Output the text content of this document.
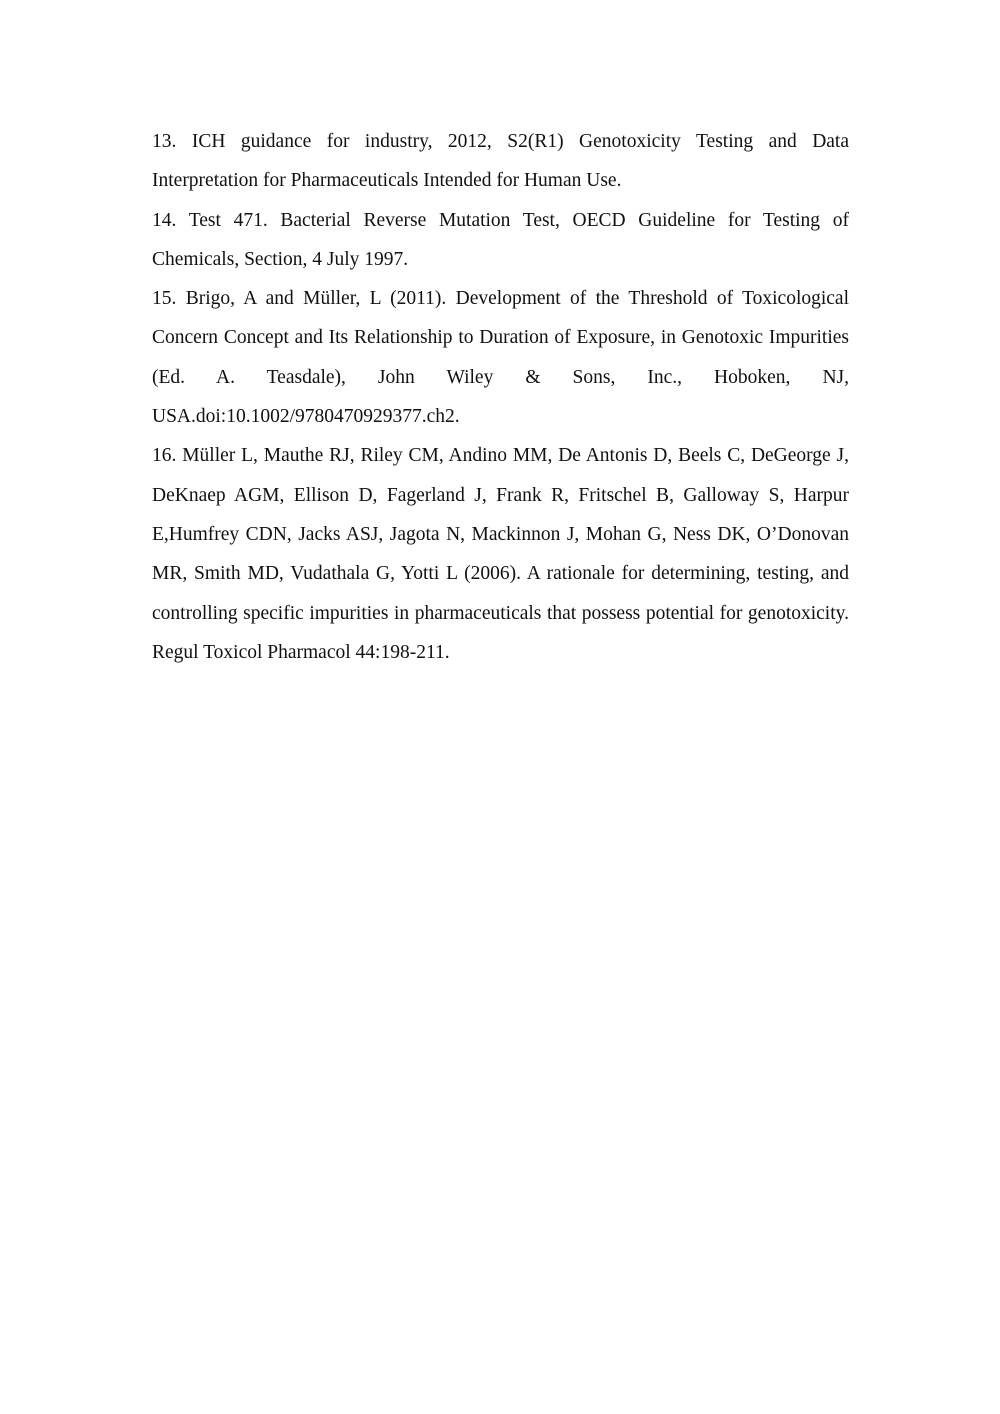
13. ICH guidance for industry, 2012, S2(R1) Genotoxicity Testing and Data Interpretation for Pharmaceuticals Intended for Human Use.

14. Test 471. Bacterial Reverse Mutation Test, OECD Guideline for Testing of Chemicals, Section, 4 July 1997.

15. Brigo, A and Müller, L (2011). Development of the Threshold of Toxicological Concern Concept and Its Relationship to Duration of Exposure, in Genotoxic Impurities (Ed. A. Teasdale), John Wiley & Sons, Inc., Hoboken, NJ, USA.doi:10.1002/9780470929377.ch2.

16. Müller L, Mauthe RJ, Riley CM, Andino MM, De Antonis D, Beels C, DeGeorge J, DeKnaep AGM, Ellison D, Fagerland J, Frank R, Fritschel B, Galloway S, Harpur E,Humfrey CDN, Jacks ASJ, Jagota N, Mackinnon J, Mohan G, Ness DK, O’Donovan MR, Smith MD, Vudathala G, Yotti L (2006). A rationale for determining, testing, and controlling specific impurities in pharmaceuticals that possess potential for genotoxicity. Regul Toxicol Pharmacol 44:198-211.
